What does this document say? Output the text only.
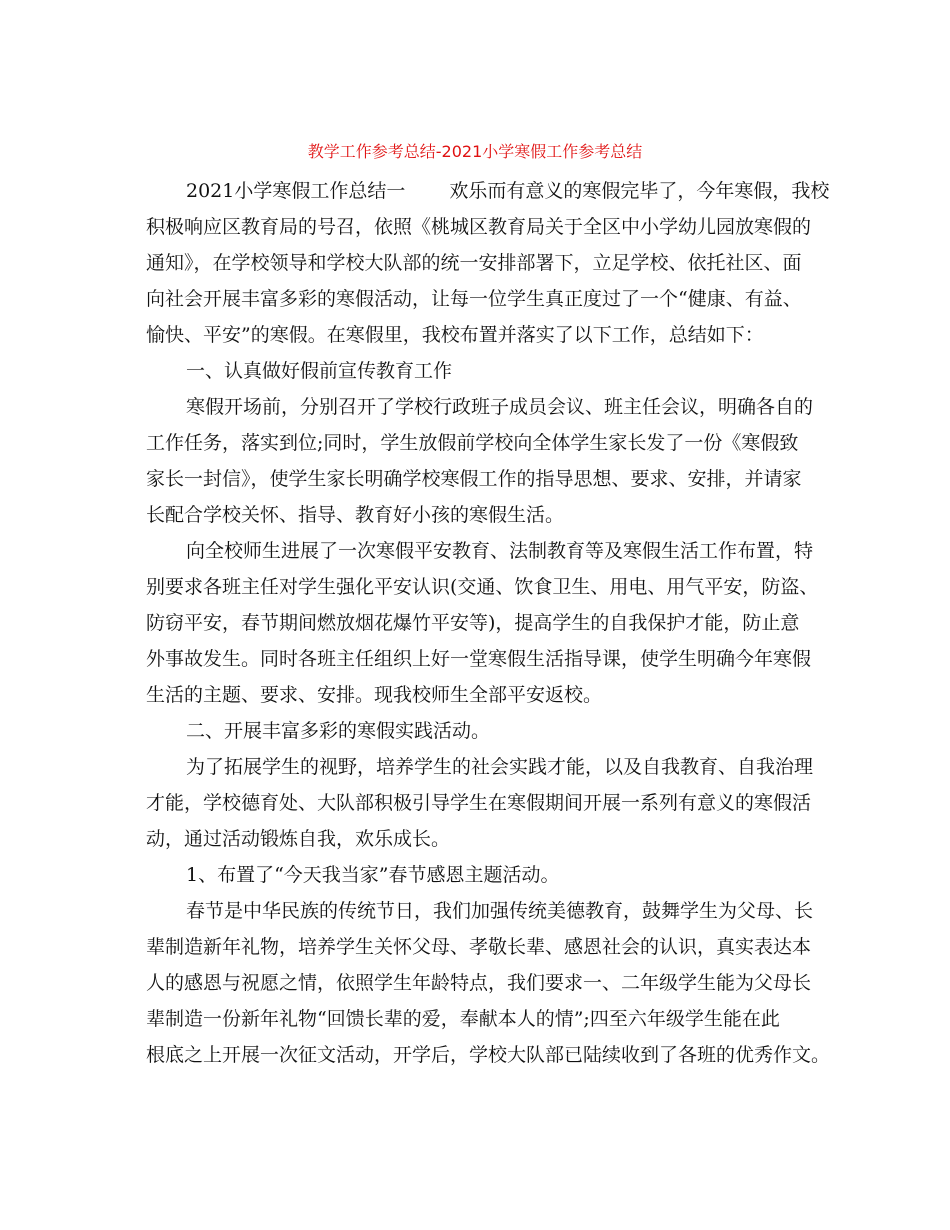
教学工作参考总结-2021小学寒假工作参考总结

2021小学寒假工作总结一　　 欢乐而有意义的寒假完毕了，今年寒假，我校

积极响应区教育局的号召，依照《桃城区教育局关于全区中小学幼儿园放寒假的

通知》，在学校领导和学校大队部的统一安排部署下，立足学校、依托社区、面

向社会开展丰富多彩的寒假活动，让每一位学生真正度过了一个“健康、有益、

愉快、平安”的寒假。在寒假里，我校布置并落实了以下工作，总结如下：

一、认真做好假前宣传教育工作

寒假开场前，分别召开了学校行政班子成员会议、班主任会议，明确各自的

工作任务，落实到位;同时，学生放假前学校向全体学生家长发了一份《寒假致

家长一封信》，使学生家长明确学校寒假工作的指导思想、要求、安排，并请家

长配合学校关怀、指导、教育好小孩的寒假生活。

向全校师生进展了一次寒假平安教育、法制教育等及寒假生活工作布置，特

别要求各班主任对学生强化平安认识(交通、饮食卫生、用电、用气平安，防盗、

防窃平安，春节期间燃放烟花爆竹平安等)，提高学生的自我保护才能，防止意

外事故发生。同时各班主任组织上好一堂寒假生活指导课，使学生明确今年寒假

生活的主题、要求、安排。现我校师生全部平安返校。

二、开展丰富多彩的寒假实践活动。

为了拓展学生的视野，培养学生的社会实践才能，以及自我教育、自我治理

才能，学校德育处、大队部积极引导学生在寒假期间开展一系列有意义的寒假活

动，通过活动锻炼自我，欢乐成长。

1、布置了“今天我当家”春节感恩主题活动。

春节是中华民族的传统节日，我们加强传统美德教育，鼓舞学生为父母、长

辈制造新年礼物，培养学生关怀父母、孝敬长辈、感恩社会的认识，真实表达本

人的感恩与祝愿之情，依照学生年龄特点，我们要求一、二年级学生能为父母长

辈制造一份新年礼物“回馈长辈的爱，奉献本人的情”;四至六年级学生能在此

根底之上开展一次征文活动，开学后，学校大队部已陆续收到了各班的优秀作文。
